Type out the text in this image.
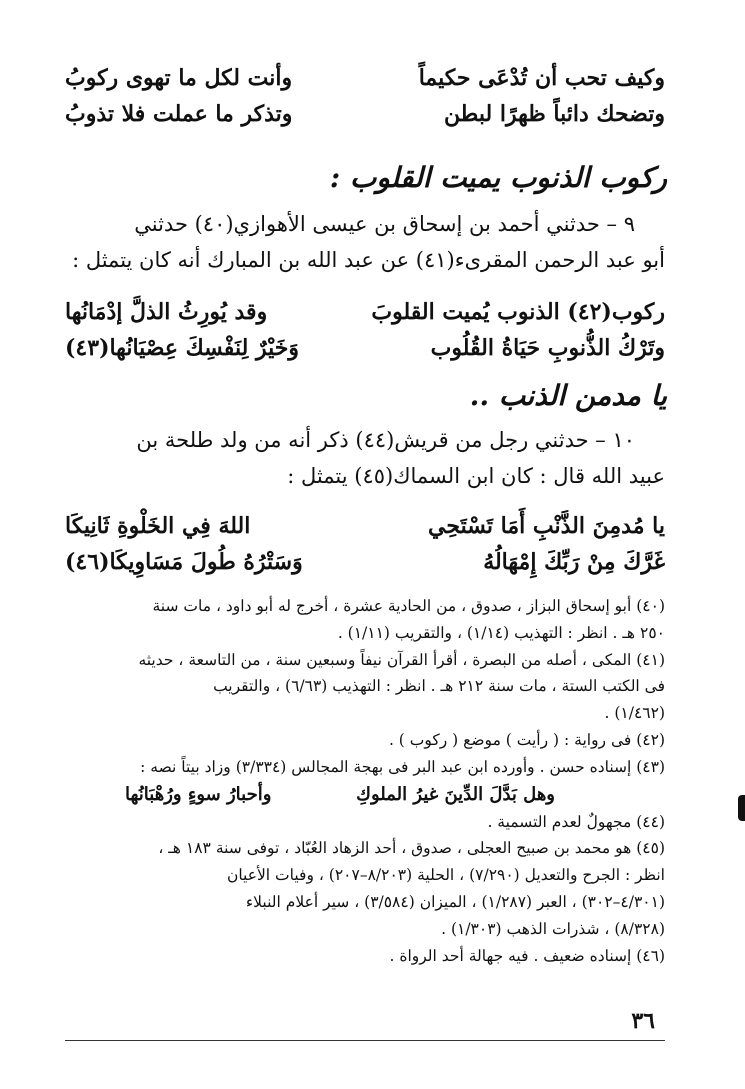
وكيف تحب أن تُدْعَى حكيماً
وأنت لكل ما تهوى ركوبُ
وتضحك دائباً ظهرًا لبطن
وتذكر ما عملت فلا تذوبُ
ركوب الذنوب يميت القلوب :
٩ – حدثني أحمد بن إسحاق بن عيسى الأهوازي(٤٠) حدثني
أبو عبد الرحمن المقرىء(٤١) عن عبد الله بن المبارك أنه كان يتمثل :
ركوب(٤٢) الذنوب يُميت القلوبَ
وقد يُورِثُ الذلَّ إدْمَانُها
وتَرْكُ الذُّنوبِ حَيَاةُ القُلُوب
وَخَيْرٌ لِنَفْسِكَ عِصْيَانُها(٤٣)
يا مدمن الذنب ..
١٠ – حدثني رجل من قريش(٤٤) ذكر أنه من ولد طلحة بن
عبيد الله قال : كان ابن السماك(٤٥) يتمثل :
يا مُدمِنَ الذَّنْبِ أَمَا تَسْتَحِي
اللهَ فِي الخَلْوةِ ثَانِيكَا
غَرَّكَ مِنْ رَبِّكَ إِمْهَالُهُ
وَسَتْرُهُ طُولَ مَسَاوِيكَا(٤٦)
(٤٠) أبو إسحاق البزاز ، صدوق ، من الحادية عشرة ، أخرج له أبو داود ، مات سنة
٢٥٠ هـ . انظر : التهذيب (١/١٤) ، والتقريب (١/١١) .
(٤١) المكى ، أصله من البصرة ، أقرأ القرآن نيفاً وسبعين سنة ، من التاسعة ، حديثه
فى الكتب الستة ، مات سنة ٢١٢ هـ . انظر : التهذيب (٦/٦٣) ، والتقريب
(١/٤٦٢) .
(٤٢) فى رواية : ( رأيت ) موضع ( ركوب ) .
(٤٣) إسناده حسن . وأورده ابن عبد البر فى بهجة المجالس (٣/٣٣٤) وزاد بيتاً نصه :
وهل بَدَّلَ الدِّينَ غيرُ الملوكِ
وأحبارُ سوءٍ ورُهْبَانُها
(٤٤) مجهولٌ لعدم التسمية .
(٤٥) هو محمد بن صبيح العجلى ، صدوق ، أحد الزهاد العُبّاد ، توفى سنة ١٨٣ هـ ،
انظر : الجرح والتعديل (٧/٢٩٠) ، الحلية (٨/٢٠٣–٢٠٧) ، وفيات الأعيان
(٤/٣٠١–٣٠٢) ، العبر (١/٢٨٧) ، الميزان (٣/٥٨٤) ، سير أعلام النبلاء
(٨/٣٢٨) ، شذرات الذهب (١/٣٠٣) .
(٤٦) إسناده ضعيف . فيه جهالة أحد الرواة .
٣٦
